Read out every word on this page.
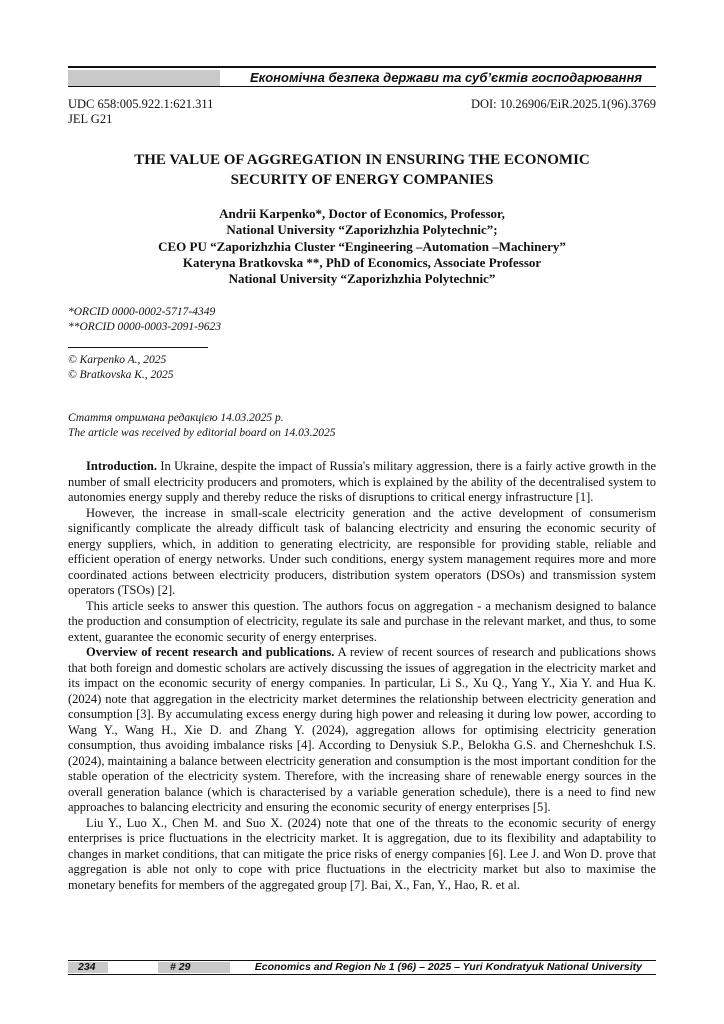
Економічна безпека держави та суб’єктів господарювання
UDC 658:005.922.1:621.311
JEL G21
DOI: 10.26906/EiR.2025.1(96).3769
THE VALUE OF AGGREGATION IN ENSURING THE ECONOMIC
SECURITY OF ENERGY COMPANIES
Andrii Karpenko*, Doctor of Economics, Professor,
National University “Zaporizhzhia Polytechnic”;
CEO PU “Zaporizhzhia Cluster “Engineering –Automation –Machinery”
Kateryna Bratkovska **, PhD of Economics, Associate Professor
National University “Zaporizhzhia Polytechnic”
*ORCID 0000-0002-5717-4349
**ORCID 0000-0003-2091-9623
© Karpenko A., 2025
© Bratkovska K., 2025
Стаття отримана редакцією 14.03.2025 р.
The article was received by editorial board on 14.03.2025

Introduction. In Ukraine, despite the impact of Russia's military aggression, there is a fairly active growth in the number of small electricity producers and promoters, which is explained by the ability of the decentralised system to autonomies energy supply and thereby reduce the risks of disruptions to critical energy infrastructure [1].

However, the increase in small-scale electricity generation and the active development of consumerism significantly complicate the already difficult task of balancing electricity and ensuring the economic security of energy suppliers, which, in addition to generating electricity, are responsible for providing stable, reliable and efficient operation of energy networks. Under such conditions, energy system management requires more and more coordinated actions between electricity producers, distribution system operators (DSOs) and transmission system operators (TSOs) [2].

This article seeks to answer this question. The authors focus on aggregation - a mechanism designed to balance the production and consumption of electricity, regulate its sale and purchase in the relevant market, and thus, to some extent, guarantee the economic security of energy enterprises.

Overview of recent research and publications. A review of recent sources of research and publications shows that both foreign and domestic scholars are actively discussing the issues of aggregation in the electricity market and its impact on the economic security of energy companies. In particular, Li S., Xu Q., Yang Y., Xia Y. and Hua K. (2024) note that aggregation in the electricity market determines the relationship between electricity generation and consumption [3]. By accumulating excess energy during high power and releasing it during low power, according to Wang Y., Wang H., Xie D. and Zhang Y. (2024), aggregation allows for optimising electricity generation consumption, thus avoiding imbalance risks [4]. According to Denysiuk S.P., Belokha G.S. and Cherneshchuk I.S. (2024), maintaining a balance between electricity generation and consumption is the most important condition for the stable operation of the electricity system. Therefore, with the increasing share of renewable energy sources in the overall generation balance (which is characterised by a variable generation schedule), there is a need to find new approaches to balancing electricity and ensuring the economic security of energy enterprises [5].

Liu Y., Luo X., Chen M. and Suo X. (2024) note that one of the threats to the economic security of energy enterprises is price fluctuations in the electricity market. It is aggregation, due to its flexibility and adaptability to changes in market conditions, that can mitigate the price risks of energy companies [6]. Lee J. and Won D. prove that aggregation is able not only to cope with price fluctuations in the electricity market but also to maximise the monetary benefits for members of the aggregated group [7]. Bai, X., Fan, Y., Hao, R. et al.

234	# 29	Economics and Region № 1 (96) – 2025 – Yuri Kondratyuk National University
